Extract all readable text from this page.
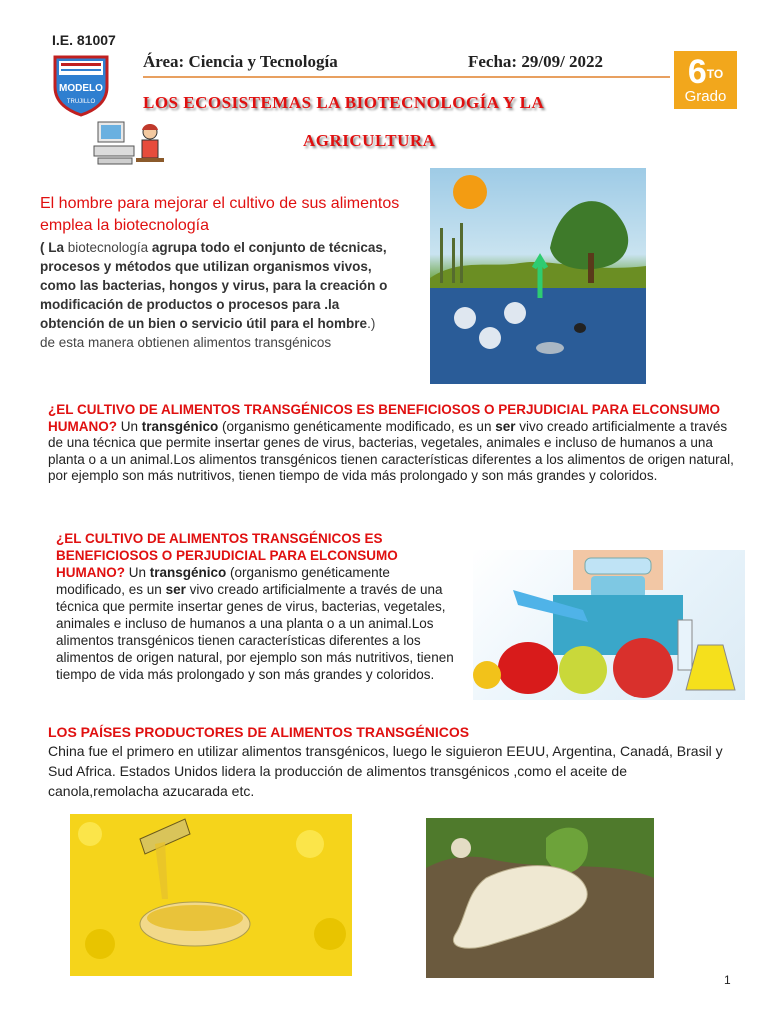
I.E. 81007
MODELO
TRUJILLO
Área: Ciencia y Tecnología	Fecha: 29/09/ 2022	$6^{TO}$
Grado
LOS ECOSISTEMAS LA BIOTECNOLOGÍA Y LA
AGRICULTURA
El hombre para mejorar el cultivo de sus alimentos emplea la biotecnología
( La biotecnología agrupa todo el conjunto de técnicas, procesos y métodos que utilizan organismos vivos, como las bacterias, hongos y virus, para la creación o modificación de productos o procesos para .la obtención de un bien o servicio útil para el hombre.) de esta manera obtienen alimentos transgénicos
¿EL CULTIVO DE ALIMENTOS TRANSGÉNICOS ES BENEFICIOSOS O PERJUDICIAL PARA ELCONSUMO HUMANO? Un transgénico (organismo genéticamente modificado, es un ser vivo creado artificialmente a través de una técnica que permite insertar genes de virus, bacterias, vegetales, animales e incluso de humanos a una planta o a un animal.Los alimentos transgénicos tienen características diferentes a los alimentos de origen natural, por ejemplo son más nutritivos, tienen tiempo de vida más prolongado y son más grandes y coloridos.
¿EL CULTIVO DE ALIMENTOS TRANSGÉNICOS ES BENEFICIOSOS O PERJUDICIAL PARA ELCONSUMO HUMANO? Un transgénico (organismo genéticamente modificado, es un ser vivo creado artificialmente a través de una técnica que permite insertar genes de virus, bacterias, vegetales, animales e incluso de humanos a una planta o a un animal.Los alimentos transgénicos tienen características diferentes a los alimentos de origen natural, por ejemplo son más nutritivos, tienen tiempo de vida más prolongado y son más grandes y coloridos.
LOS PAÍSES PRODUCTORES DE ALIMENTOS TRANSGÉNICOS
China fue el primero en utilizar alimentos transgénicos, luego le siguieron EEUU, Argentina, Canadá, Brasil y Sud Africa. Estados Unidos lidera la producción de alimentos transgénicos ,como el aceite de canola,remolacha azucarada etc.
1
